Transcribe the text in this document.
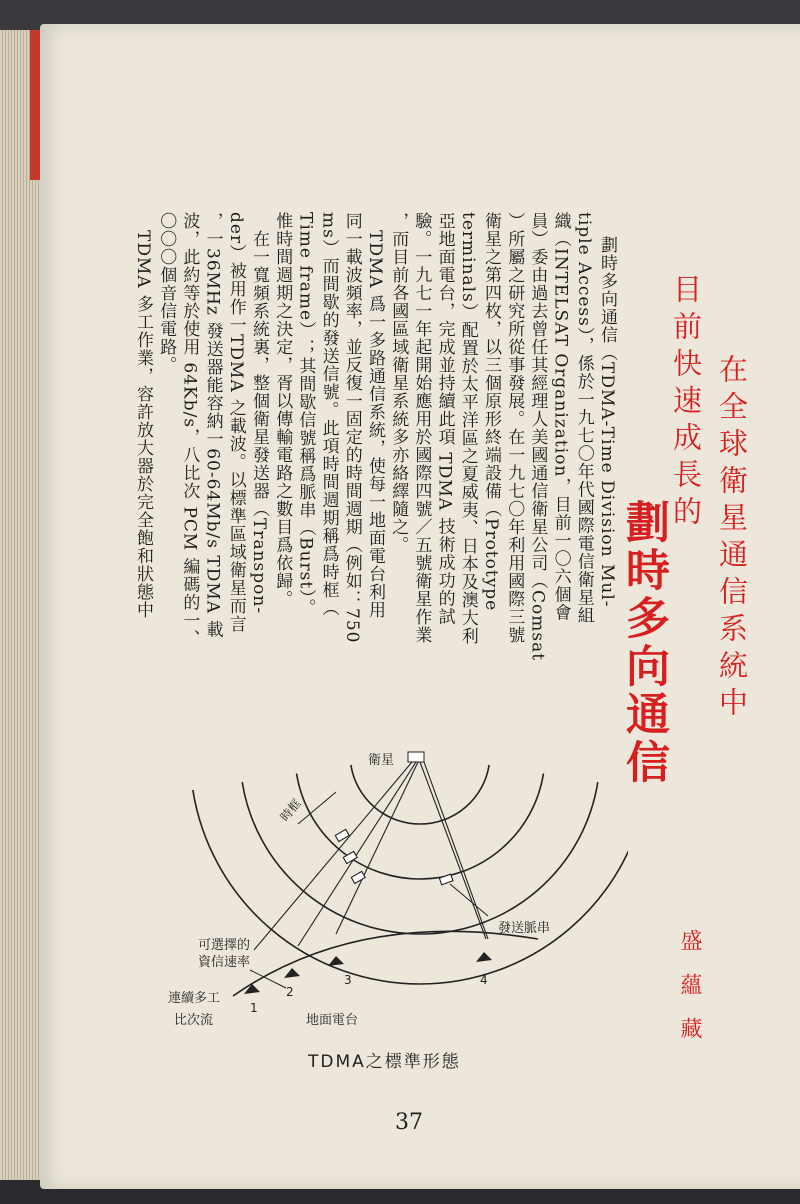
在全球衛星通信系統中
目前快速成長的
劃時多向通信
劃時多向通信（TDMA-Time Division Mul-
tiple Access），係於一九七〇年代國際電信衛星組
織（INTELSAT Organization，目前一〇六個會
員）委由過去曾任其經理人美國通信衛星公司（Comsat
）所屬之研究所從事發展。在一九七〇年利用國際三號
衛星之第四枚，以三個原形終端設備（Prototype
terminals）配置於太平洋區之夏威夷、日本及澳大利
亞地面電台，完成並持續此項 TDMA 技術成功的試
驗。一九七一年起開始應用於國際四號／五號衛星作業
，而目前各國區域衛星系統多亦絡繹隨之。
　TDMA 爲一多路通信系統，使每一地面電台利用
同一載波頻率，並反復一固定的時間週期（例如：750
ms）而間歇的發送信號。此項時間週期稱爲時框（
Time frame）；其間歇信號稱爲脈串（Burst）。
惟時間週期之決定，胥以傳輸電路之數目爲依歸。
　在一寬頻系統裏，整個衛星發送器（Transpon-
der）被用作一TDMA 之載波。以標準區域衛星而言
，一36MHz 發送器能容納一60-64Mb/s TDMA 載
波，此約等於使用 64Kb/s，八比次 PCM 編碼的一、
〇〇〇個音信電路。
　TDMA 多工作業，容許放大器於完全飽和狀態中
衛星
時框
發送脈串
可選擇的
資信速率
1
2
3	4
連續多工
比次流	地面電台
TDMA之標準形態
盛蘊藏
37
